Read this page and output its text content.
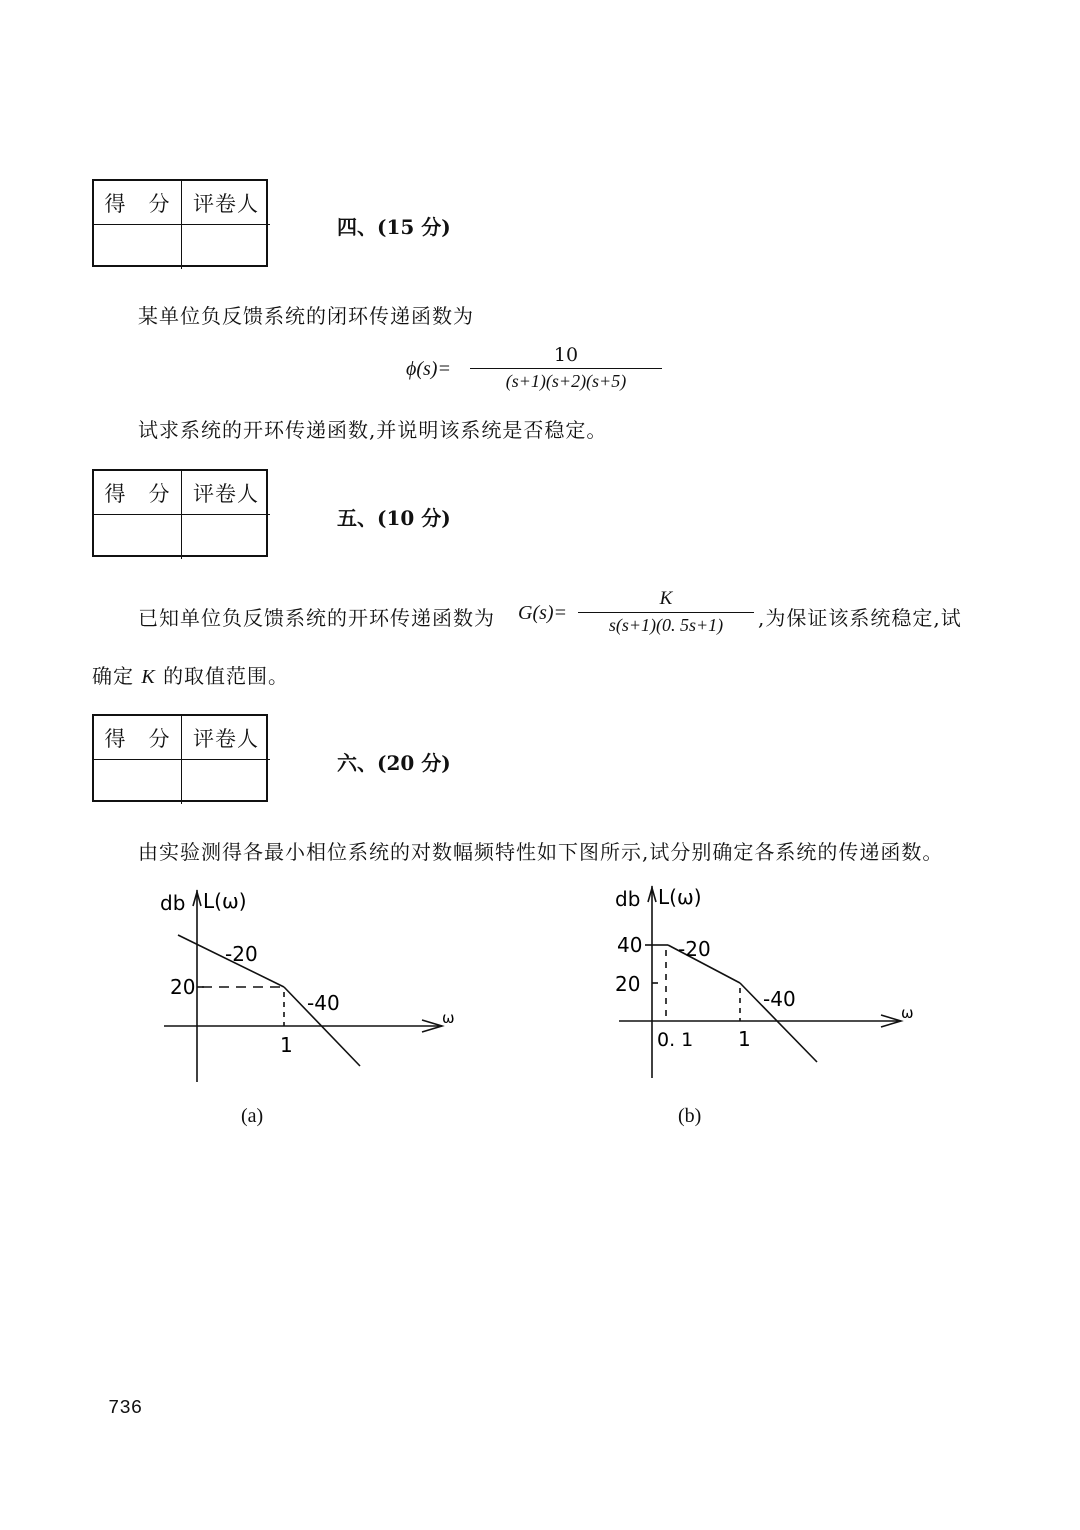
得　分	评卷人
四、(15 分)
某单位负反馈系统的闭环传递函数为
ϕ(s)=
10
(s+1)(s+2)(s+5)
试求系统的开环传递函数,并说明该系统是否稳定。
得　分	评卷人
五、(10 分)
已知单位负反馈系统的开环传递函数为 G(s)=
K
s(s+1)(0. 5s+1)	,为保证该系统稳定,试
确定 K 的取值范围。
得　分	评卷人
六、(20 分)
由实验测得各最小相位系统的对数幅频特性如下图所示,试分别确定各系统的传递函数。
db L(ω)
20
1
-20
-40
ω
(a)
db L(ω)
40
20
0. 1 1
-20
-40
ω
(b)
736
